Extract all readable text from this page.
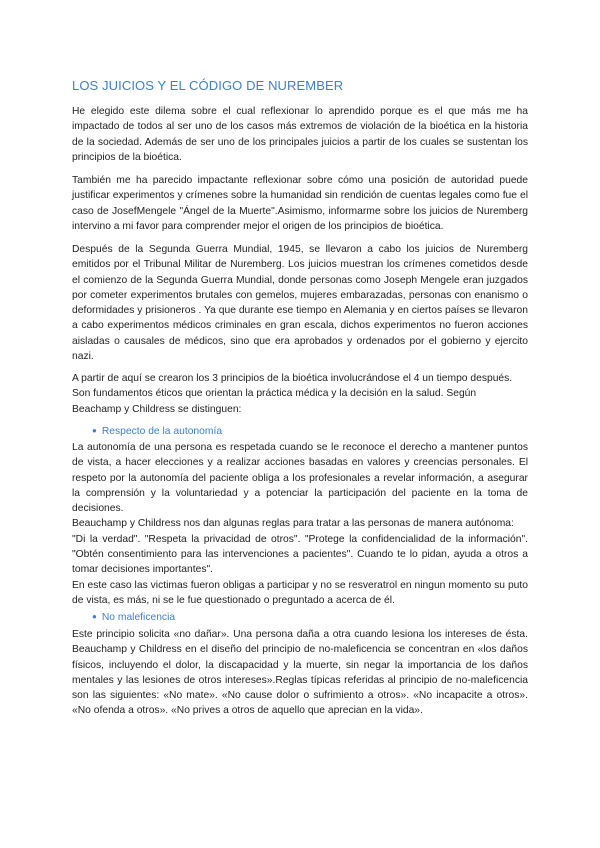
LOS JUICIOS Y EL CÓDIGO DE NUREMBER

He elegido este dilema sobre el cual reflexionar lo aprendido porque es el que más me ha impactado de todos al ser uno de los casos más extremos de violación de la bioética en la historia de la sociedad. Además de ser uno de los principales juicios a partir de los cuales se sustentan los principios de la bioética.

También me ha parecido impactante reflexionar sobre cómo una posición de autoridad puede justificar experimentos y crímenes sobre la humanidad sin rendición de cuentas legales como fue el caso de JosefMengele "Ángel de la Muerte".Asimismo, informarme sobre los juicios de Nuremberg intervino a mi favor para comprender mejor el origen de los principios de bioética.

Después de la Segunda Guerra Mundial, 1945, se llevaron a cabo los juicios de Nuremberg emitidos por el Tribunal Militar de Nuremberg. Los juicios muestran los crímenes cometidos desde el comienzo de la Segunda Guerra Mundial, donde personas como Joseph Mengele eran juzgados por cometer experimentos brutales con gemelos, mujeres embarazadas, personas con enanismo o deformidades y prisioneros . Ya que durante ese tiempo en Alemania y en ciertos países se llevaron a cabo experimentos médicos criminales en gran escala, dichos experimentos no fueron acciones aisladas o causales de médicos, sino que era aprobados y ordenados por el gobierno y ejercito nazi.

A partir de aquí se crearon los 3 principios de la bioética involucrándose el 4 un tiempo después. Son fundamentos éticos que orientan la práctica médica y la decisión en la salud. Según Beachamp y Childress se distinguen:

● Respecto de la autonomía

La autonomía de una persona es respetada cuando se le reconoce el derecho a mantener puntos de vista, a hacer elecciones y a realizar acciones basadas en valores y creencias personales. El respeto por la autonomía del paciente obliga a los profesionales a revelar información, a asegurar la comprensión y la voluntariedad y a potenciar la participación del paciente en la toma de decisiones.
Beauchamp y Childress nos dan algunas reglas para tratar a las personas de manera autónoma:
"Di la verdad". "Respeta la privacidad de otros". "Protege la confidencialidad de la información". "Obtén consentimiento para las intervenciones a pacientes". Cuando te lo pidan, ayuda a otros a tomar decisiones importantes".
En este caso las victimas fueron obligas a participar y no se resveratrol en ningun momento su puto de vista, es más, ni se le fue questionado o preguntado a acerca de él.

● No maleficencia

Este principio solicita «no dañar». Una persona daña a otra cuando lesiona los intereses de ésta. Beauchamp y Childress en el diseño del principio de no-maleficencia se concentran en «los daños físicos, incluyendo el dolor, la discapacidad y la muerte, sin negar la importancia de los daños mentales y las lesiones de otros intereses».Reglas típicas referidas al principio de no-maleficencia son las siguientes: «No mate». «No cause dolor o sufrimiento a otros». «No incapacite a otros». «No ofenda a otros». «No prives a otros de aquello que aprecian en la vida».
